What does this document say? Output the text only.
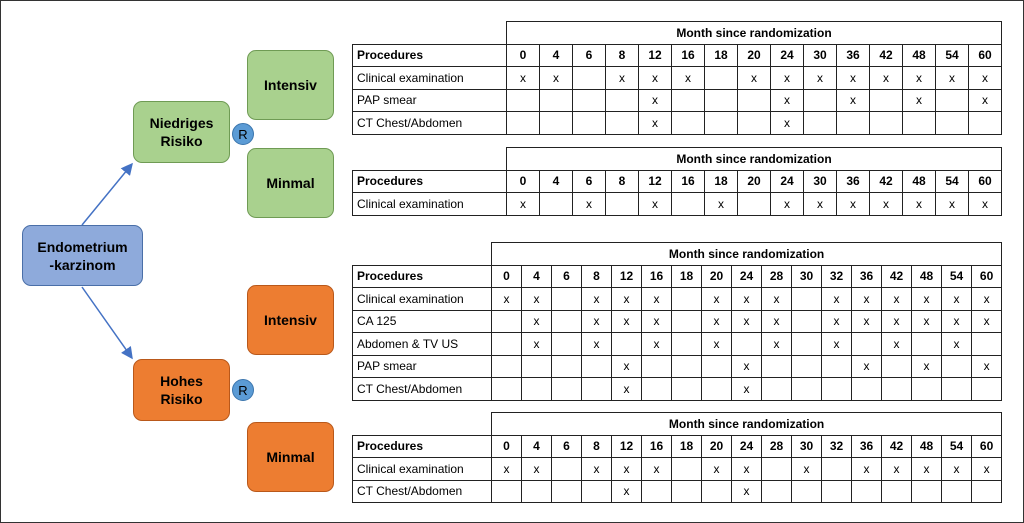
Endometrium
-karzinom
Niedriges
Risiko
Hohes
Risiko
R
R
Intensiv
Minmal
Intensiv
Minmal
	Month since randomization														
Procedures	0	4	6	8	12	16	18	20	24	30	36	42	48	54	60
Clinical examination	x	x		x	x	x		x	x	x	x	x	x	x	x
PAP smear					x				x		x		x		x
CT Chest/Abdomen					x				x						
	Month since randomization														
Procedures	0	4	6	8	12	16	18	20	24	30	36	42	48	54	60
Clinical examination	x		x		x		x		x	x	x	x	x	x	x
	Month since randomization																
Procedures	0	4	6	8	12	16	18	20	24	28	30	32	36	42	48	54	60
Clinical examination	x	x		x	x	x		x	x	x		x	x	x	x	x	x
CA 125		x		x	x	x		x	x	x		x	x	x	x	x	x
Abdomen & TV US		x		x		x		x		x		x		x		x	
PAP smear					x				x				x		x		x
CT Chest/Abdomen					x				x								
	Month since randomization																
Procedures	0	4	6	8	12	16	18	20	24	28	30	32	36	42	48	54	60
Clinical examination	x	x		x	x	x		x	x		x		x	x	x	x	x
CT Chest/Abdomen					x				x								
